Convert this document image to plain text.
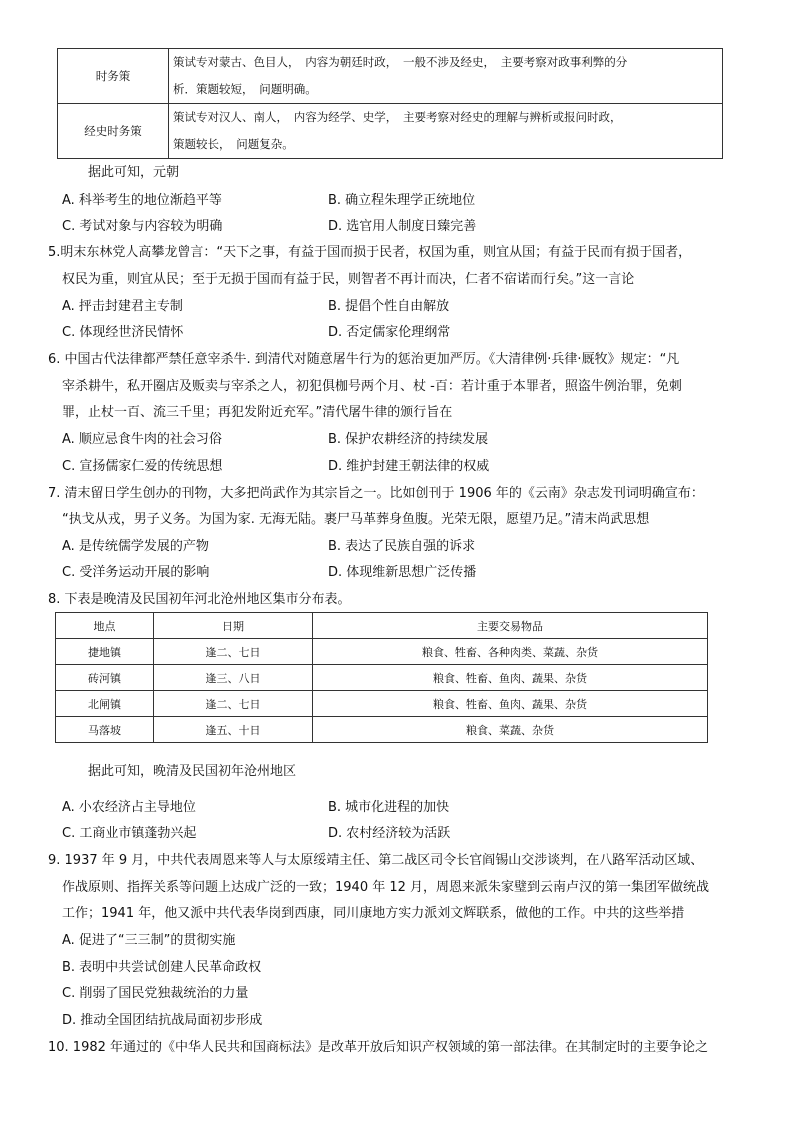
时务策	策试专对蒙古、色目人，　内容为朝廷时政，　一般不涉及经史，　主要考察对政事利弊的分
析．策题较短，　问题明确。

经史时务策	策试专对汉人、南人，　内容为经学、史学，　主要考察对经史的理解与辨析或报问时政，
策题较长，　问题复杂。
据此可知，元朝
A. 科举考生的地位渐趋平等	B. 确立程朱理学正统地位
C. 考试对象与内容较为明确	D. 选官用人制度日臻完善
5.明末东林党人高攀龙曾言：“天下之事，有益于国而损于民者，权国为重，则宜从国；有益于民而有损于国者，
权民为重，则宜从民；至于无损于国而有益于民，则智者不再计而决，仁者不宿诺而行矣。”这一言论
A. 抨击封建君主专制	B. 提倡个性自由解放
C. 体现经世济民情怀	D. 否定儒家伦理纲常
6. 中国古代法律都严禁任意宰杀牛. 到清代对随意屠牛行为的惩治更加严厉。《大清律例·兵律·厩牧》规定：“凡
宰杀耕牛，私开圈店及贩卖与宰杀之人，初犯俱枷号两个月、杖 -百：若计重于本罪者，照盗牛例治罪，免刺
罪，止杖一百、流三千里；再犯发附近充军。”清代屠牛律的颁行旨在
A. 顺应忌食牛肉的社会习俗	B. 保护农耕经济的持续发展
C. 宣扬儒家仁爱的传统思想	D. 维护封建王朝法律的权威
7. 清末留日学生创办的刊物，大多把尚武作为其宗旨之一。比如创刊于 1906 年的《云南》杂志发刊词明确宣布：
“执戈从戎，男子义务。为国为家. 无海无陆。裹尸马革葬身鱼腹。光荣无限，愿望乃足。”清末尚武思想
A. 是传统儒学发展的产物	B. 表达了民族自强的诉求
C. 受洋务运动开展的影响	D. 体现维新思想广泛传播
8. 下表是晚清及民国初年河北沧州地区集市分布表。
地点	日期	主要交易物品
捷地镇	逢二、七日	粮食、牲畜、各种肉类、菜蔬、杂货
砖河镇	逢三、八日	粮食、牲畜、鱼肉、蔬果、杂货
北闸镇	逢二、七日	粮食、牲畜、鱼肉、蔬果、杂货
马落坡	逢五、十日	粮食、菜蔬、杂货
据此可知，晚清及民国初年沧州地区
A. 小农经济占主导地位	B. 城市化进程的加快
C. 工商业市镇蓬勃兴起	D. 农村经济较为活跃
9. 1937 年 9 月，中共代表周恩来等人与太原绥靖主任、第二战区司令长官阎锡山交涉谈判，在八路军活动区域、
作战原则、指挥关系等问题上达成广泛的一致；1940 年 12 月，周恩来派朱家璧到云南卢汉的第一集团军做统战
工作；1941 年，他又派中共代表华岗到西康，同川康地方实力派刘文辉联系，做他的工作。中共的这些举措
A. 促进了“三三制”的贯彻实施
B. 表明中共尝试创建人民革命政权
C. 削弱了国民党独裁统治的力量
D. 推动全国团结抗战局面初步形成
10. 1982 年通过的《中华人民共和国商标法》是改革开放后知识产权领域的第一部法律。在其制定时的主要争论之
